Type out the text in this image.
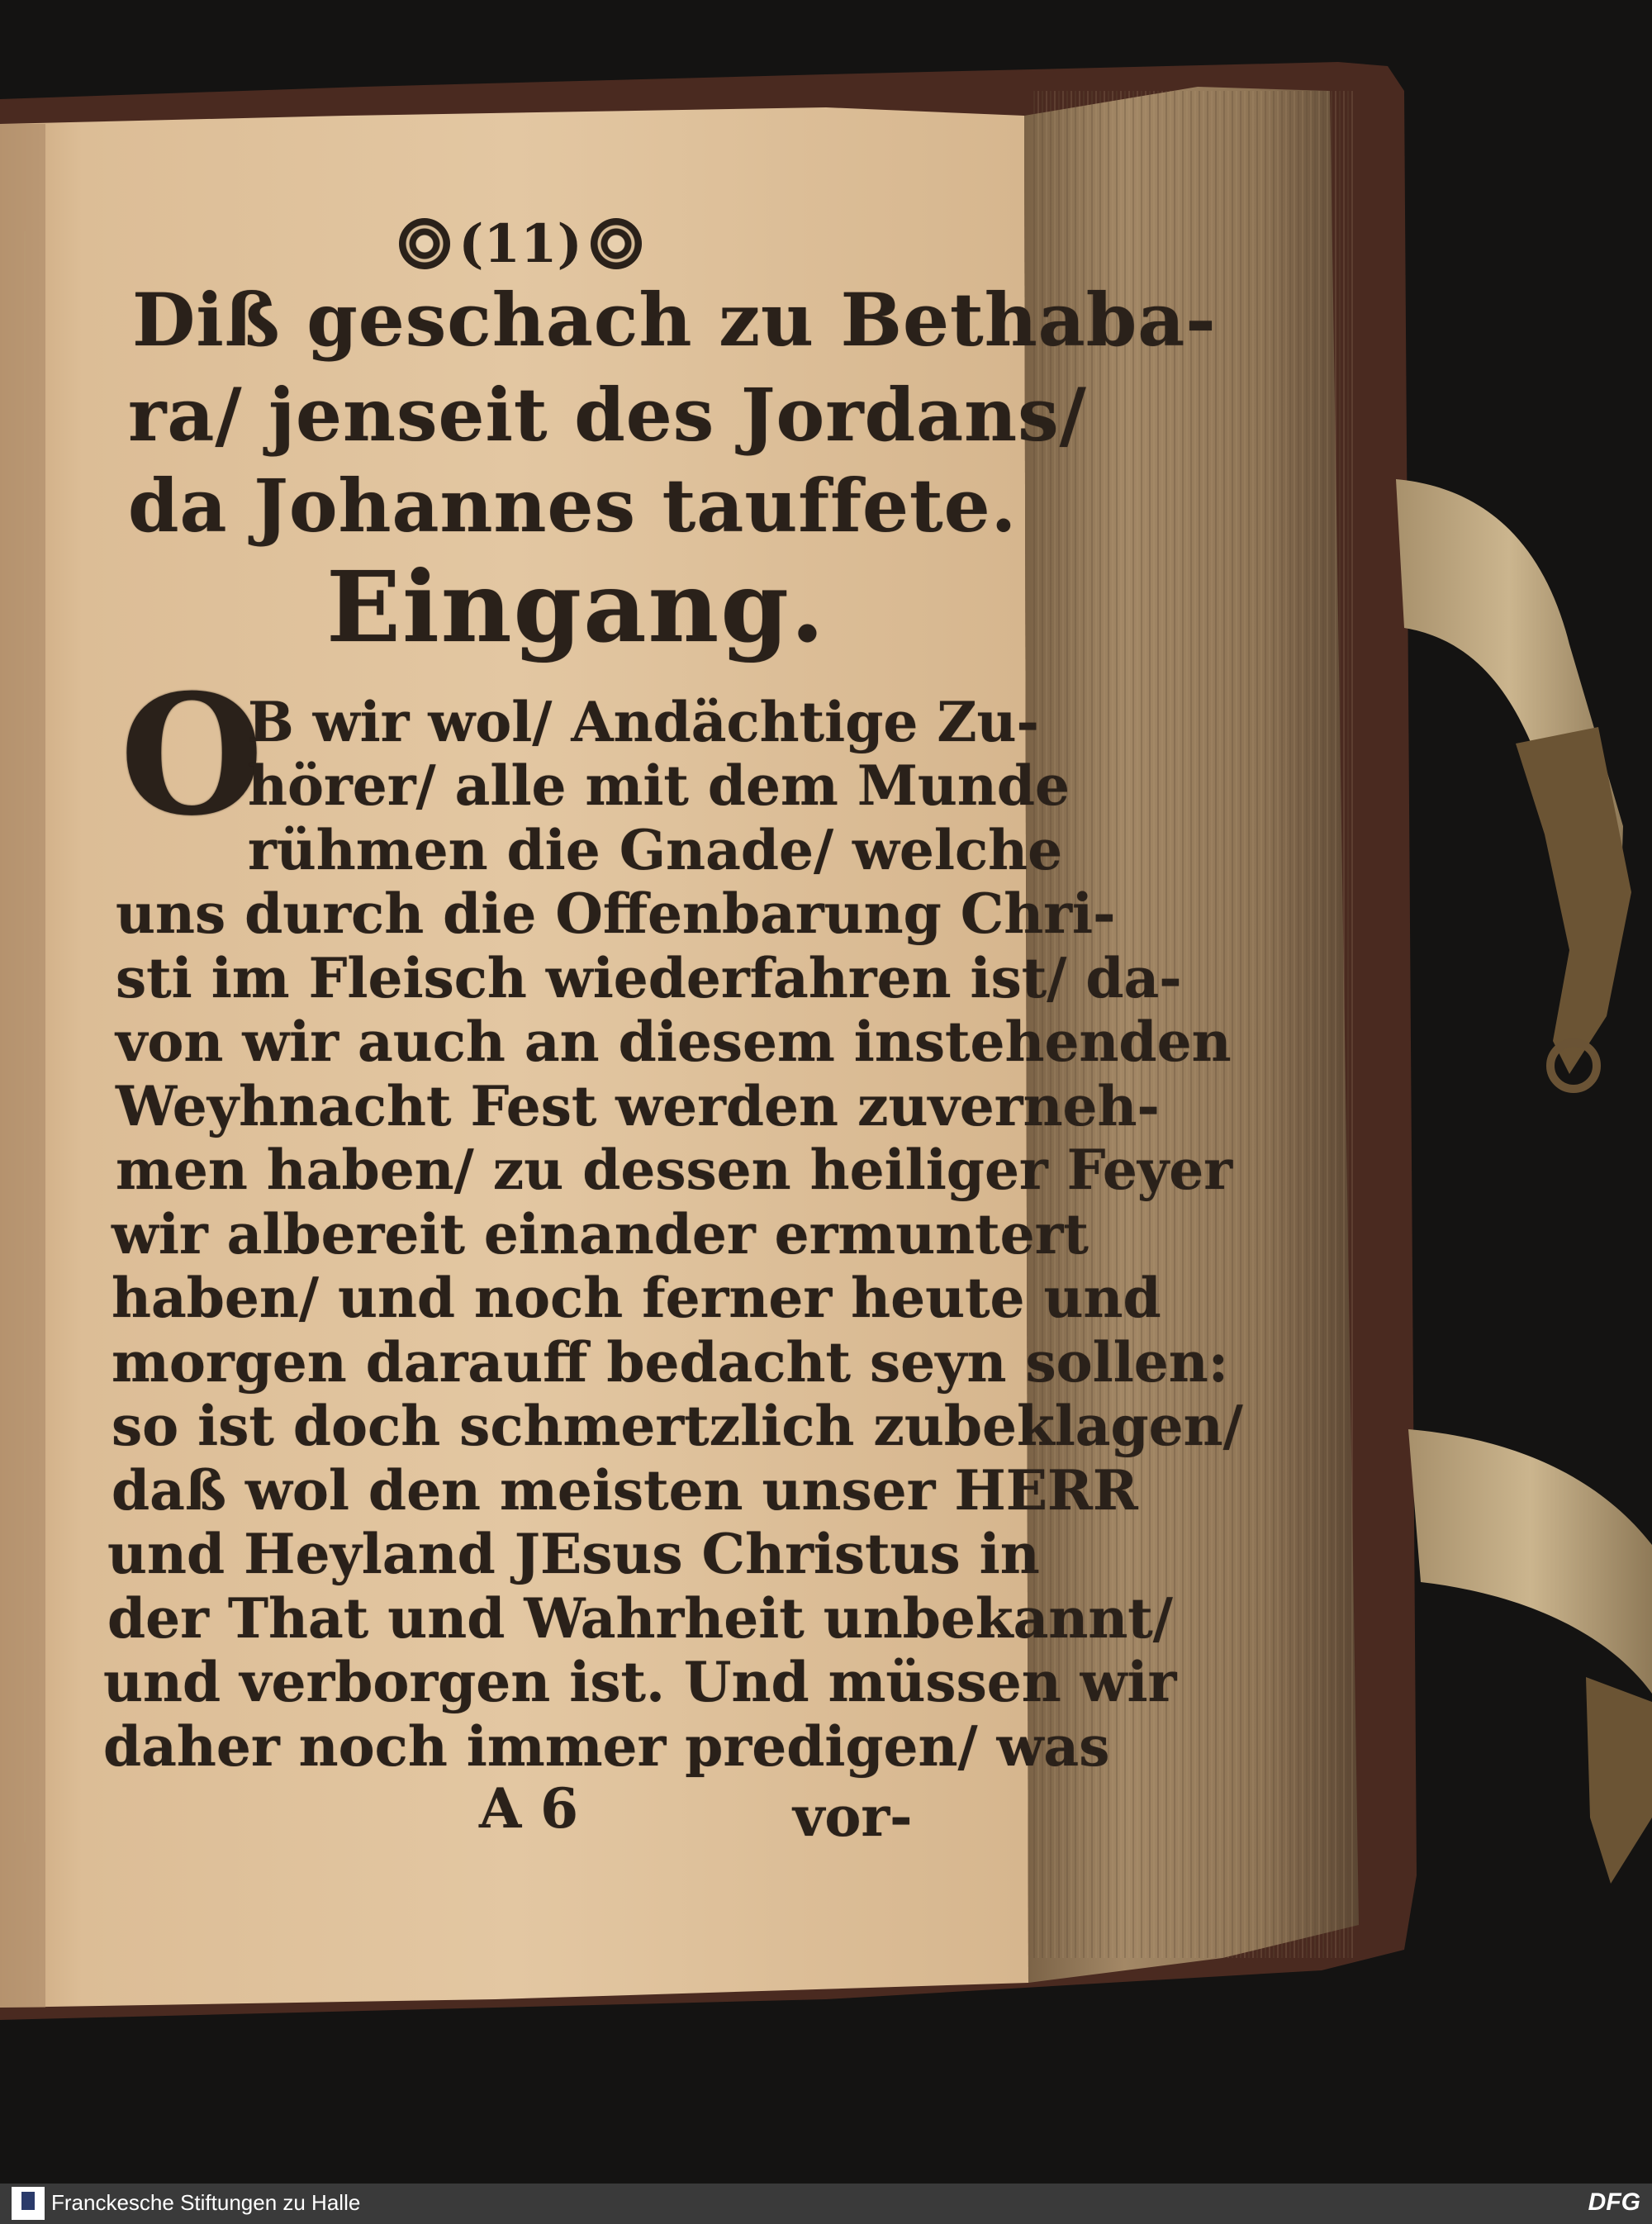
(11)
Diß geschach zu Bethaba-
ra/ jenseit des Jordans/
da Johannes tauffete.
Eingang.
O
B wir wol/ Andächtige Zu-
hörer/ alle mit dem Munde
rühmen die Gnade/ welche
uns durch die Offenbarung Chri-
sti im Fleisch wiederfahren ist/ da-
von wir auch an diesem instehenden
Weyhnacht Fest werden zuverneh-
men haben/ zu dessen heiliger Feyer
wir albereit einander ermuntert
haben/ und noch ferner heute und
morgen darauff bedacht seyn sollen:
so ist doch schmertzlich zubeklagen/
daß wol den meisten unser HERR
und Heyland JEsus Christus in
der That und Wahrheit unbekannt/
und verborgen ist. Und müssen wir
daher noch immer predigen/ was
A 6	vor-
Franckesche Stiftungen zu Halle	DFG
